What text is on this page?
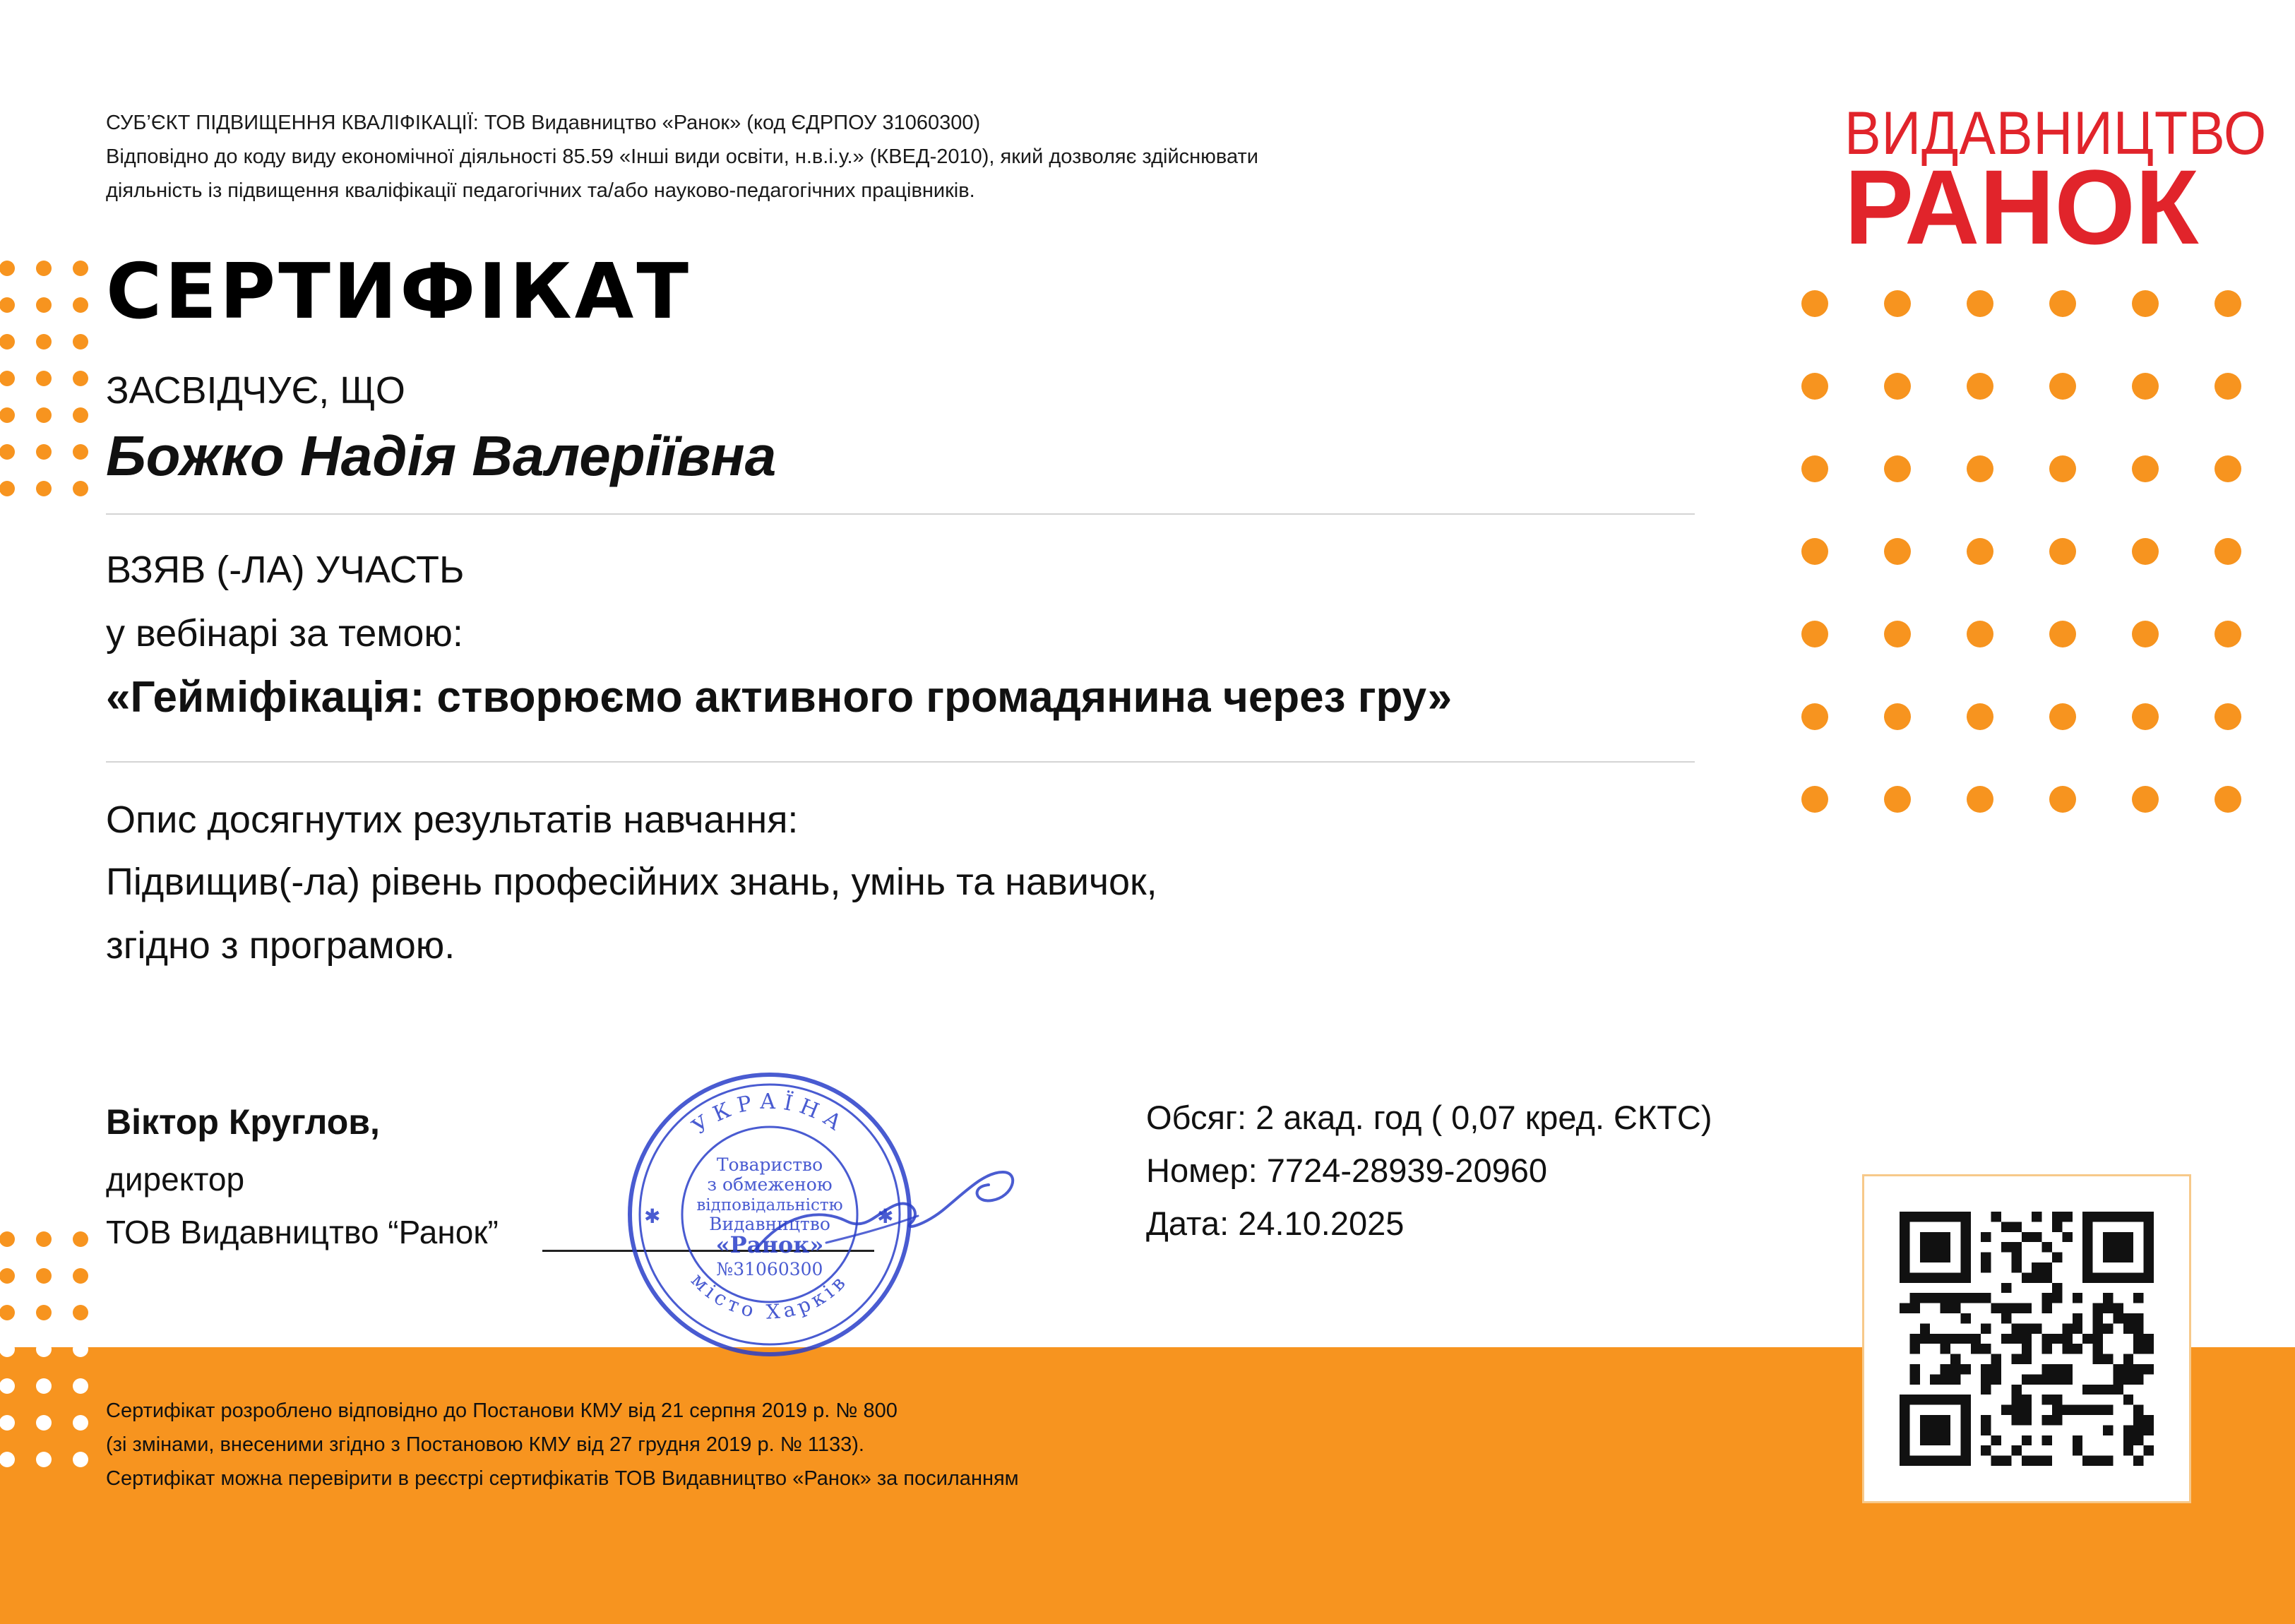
СУБ’ЄКТ ПІДВИЩЕННЯ КВАЛІФІКАЦІЇ: ТОВ Видавництво «Ранок» (код ЄДРПОУ 31060300)
Відповідно до коду виду економічної діяльності 85.59 «Інші види освіти, н.в.і.у.» (КВЕД-2010), який дозволяє здійснювати
діяльність із підвищення кваліфікації педагогічних та/або науково-педагогічних працівників.
ВИДАВНИЦТВО
РАНОК
СЕРТИФІКАТ
ЗАСВІДЧУЄ, ЩО
Божко Надія Валеріївна
ВЗЯВ (-ЛА) УЧАСТЬ
у вебінарі за темою:
«Гейміфікація: створюємо активного громадянина через гру»
Опис досягнутих результатів навчання:
Підвищив(-ла) рівень професійних знань, умінь та навичок,
згідно з програмою.
Віктор Круглов,
директор
ТОВ Видавництво “Ранок”
УКРАЇНА
місто Харків
Товариство
з обмеженою
відповідальністю
Видавництво
«Ранок»
№31060300
✱	✱
Обсяг: 2 акад. год ( 0,07 кред. ЄКТС)
Номер: 7724-28939-20960
Дата: 24.10.2025
Сертифікат розроблено відповідно до Постанови КМУ від 21 серпня 2019 р. № 800
(зі змінами, внесеними згідно з Постановою КМУ від 27 грудня 2019 р. № 1133).
Сертифікат можна перевірити в реєстрі сертифікатів ТОВ Видавництво «Ранок» за посиланням
